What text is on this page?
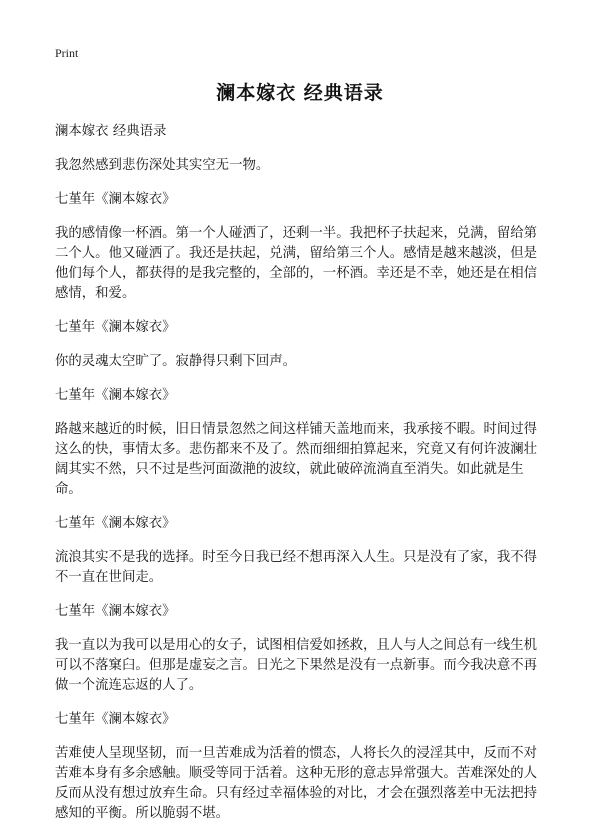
Print
澜本嫁衣 经典语录

澜本嫁衣 经典语录

我忽然感到悲伤深处其实空无一物。

七堇年《澜本嫁衣》

我的感情像一杯酒。第一个人碰洒了，还剩一半。我把杯子扶起来，兑满，留给第二个人。他又碰洒了。我还是扶起，兑满，留给第三个人。感情是越来越淡，但是他们每个人，都获得的是我完整的，全部的，一杯酒。幸还是不幸，她还是在相信感情，和爱。

七堇年《澜本嫁衣》

你的灵魂太空旷了。寂静得只剩下回声。

七堇年《澜本嫁衣》

路越来越近的时候，旧日情景忽然之间这样铺天盖地而来，我承接不暇。时间过得这么的快，事情太多。悲伤都来不及了。然而细细拍算起来，究竟又有何许波澜壮阔其实不然，只不过是些河面潋滟的波纹，就此破碎流淌直至消失。如此就是生命。

七堇年《澜本嫁衣》

流浪其实不是我的选择。时至今日我已经不想再深入人生。只是没有了家，我不得不一直在世间走。

七堇年《澜本嫁衣》

我一直以为我可以是用心的女子，试图相信爱如拯救，且人与人之间总有一线生机可以不落窠臼。但那是虚妄之言。日光之下果然是没有一点新事。而今我决意不再做一个流连忘返的人了。

七堇年《澜本嫁衣》

苦难使人呈现坚韧，而一旦苦难成为活着的惯态，人将长久的浸淫其中，反而不对苦难本身有多余感触。顺受等同于活着。这种无形的意志异常强大。苦难深处的人反而从没有想过放弃生命。只有经过幸福体验的对比，才会在强烈落差中无法把持感知的平衡。所以脆弱不堪。
